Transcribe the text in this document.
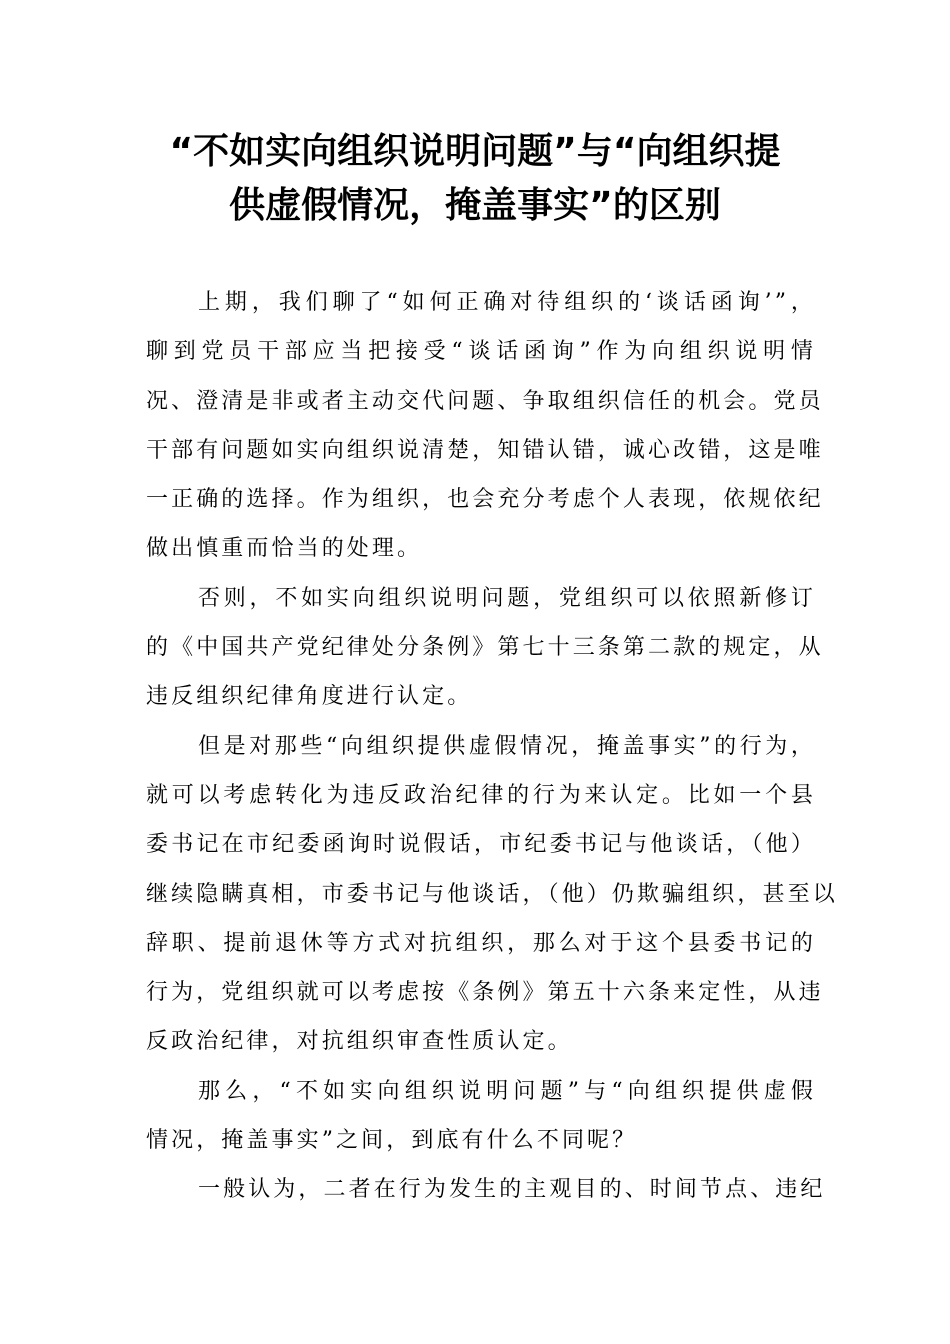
“不如实向组织说明问题”与“向组织提
供虚假情况，掩盖事实”的区别
上期，我们聊了“如何正确对待组织的‘谈话函询’”，
聊到党员干部应当把接受“谈话函询”作为向组织说明情
况、澄清是非或者主动交代问题、争取组织信任的机会。党员
干部有问题如实向组织说清楚，知错认错，诚心改错，这是唯
一正确的选择。作为组织，也会充分考虑个人表现，依规依纪
做出慎重而恰当的处理。
否则，不如实向组织说明问题，党组织可以依照新修订
的《中国共产党纪律处分条例》第七十三条第二款的规定，从
违反组织纪律角度进行认定。
但是对那些“向组织提供虚假情况，掩盖事实”的行为，
就可以考虑转化为违反政治纪律的行为来认定。比如一个县
委书记在市纪委函询时说假话，市纪委书记与他谈话，（他）
继续隐瞒真相，市委书记与他谈话，（他）仍欺骗组织，甚至以
辞职、提前退休等方式对抗组织，那么对于这个县委书记的
行为，党组织就可以考虑按《条例》第五十六条来定性，从违
反政治纪律，对抗组织审查性质认定。
那么，“不如实向组织说明问题”与“向组织提供虚假
情况，掩盖事实”之间，到底有什么不同呢？
一般认为，二者在行为发生的主观目的、时间节点、违纪
